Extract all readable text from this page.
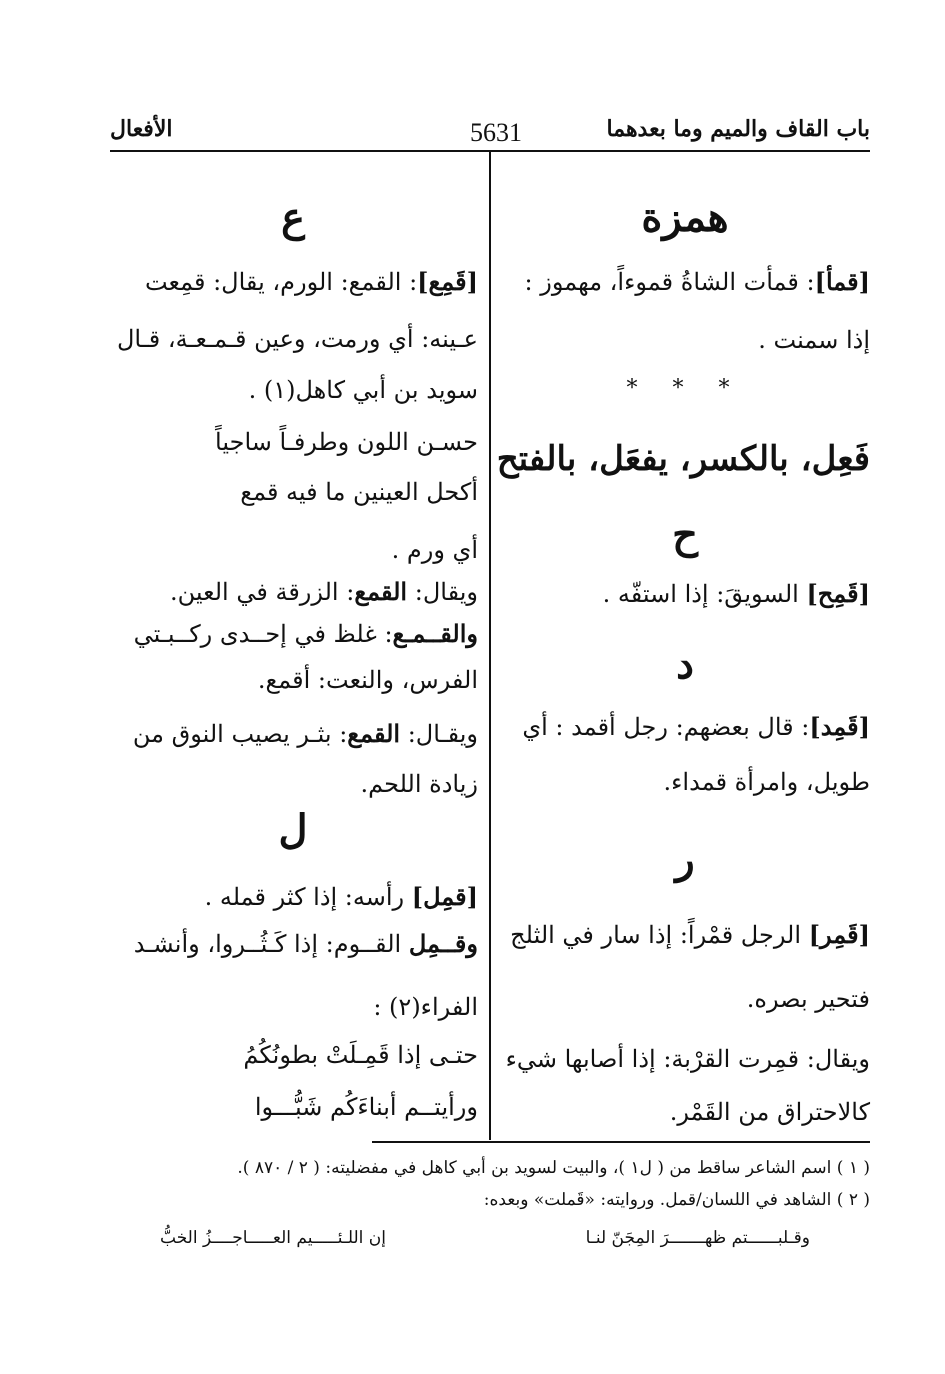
باب القاف والميم وما بعدهما
5631
الأفعال
همزة
[قمأ]: قمأت الشاةُ قموءاً، مهموز :
إذا سمنت .
* * *
فَعِل، بالكسر، يفعَل، بالفتح
ح
[قَمِح] السويقَ: إذا استفّه .
د
[قَمِد]: قال بعضهم: رجل أقمد : أي
طويل، وامرأة قمداء.
ر
[قَمِر] الرجل قمْراً: إذا سار في الثلج
فتحير بصره.
ويقال: قمِرت القرْبة: إذا أصابها شيء
كالاحتراق من القَمْر.
ع
[قَمِع]: القمع: الورم، يقال: قمِعت
عـينه: أي ورمت، وعين قـمـعـة، قـال
سويد بن أبي كاهل(١) .
حسـن اللون وطرفـاً ساجياً
أكحل العينين ما فيه قمع
أي ورم .
ويقال: القمع: الزرقة في العين.
والقــمـع: غلظ في إحــدى ركــبـتي
الفرس، والنعت: أقمع.
ويقـال: القمع: بثـر يصيب النوق من
زيادة اللحم.
ل
[قمِل] رأسه: إذا كثر قمله .
وقــمِل القــوم: إذا كَـثُــروا، وأنشـد
الفراء(٢) :
حتـى إذا قَمِـلَتْ بطونُكُمُ
ورأيتــم أبناءَكُم شَبُّـــوا
( ١ ) اسم الشاعر ساقط من ( ل١ )، والبيت لسويد بن أبي كاهل في مفضليته: ( ٢ / ٨٧٠ ).
( ٢ ) الشاهد في اللسان/قمل. وروايته: «قَملت» وبعده:
وقـلبــــــتم ظهـــــــرَ المِجَنّ لنـا
إن اللـئـــــيم العـــــاجــــزُ الخبُّ
